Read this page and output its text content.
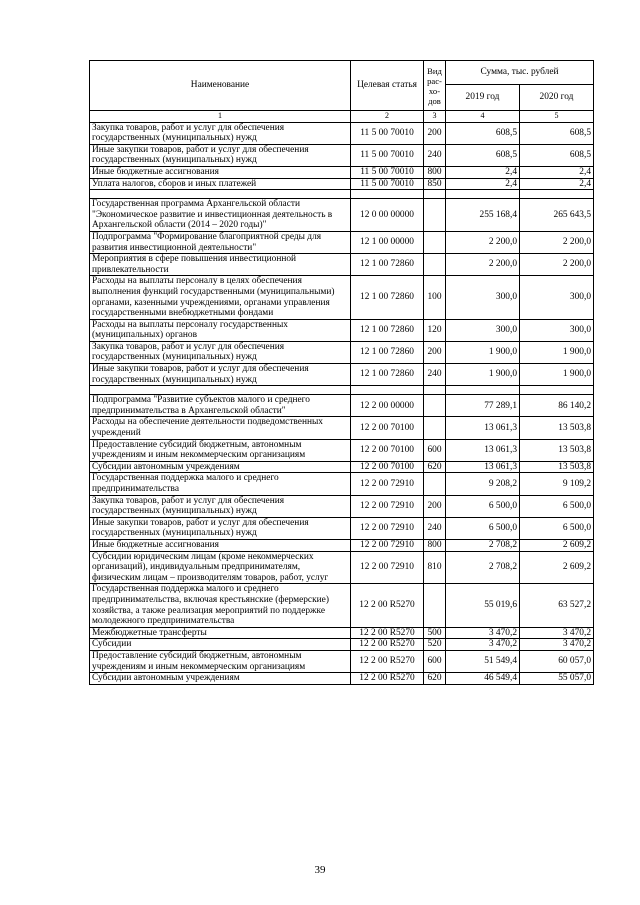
Наименование	Целевая статья	Вид рас-хо-дов	Сумма, тыс. рублей	
			2019 год	2020 год
1	2	3	4	5
Закупка товаров, работ и услуг для обеспечения государственных (муниципальных) нужд	11 5 00 70010	200	608,5	608,5
Иные закупки товаров, работ и услуг для обеспечения государственных (муниципальных) нужд	11 5 00 70010	240	608,5	608,5
Иные бюджетные ассигнования	11 5 00 70010	800	2,4	2,4
Уплата налогов, сборов и иных платежей	11 5 00 70010	850	2,4	2,4

Государственная программа Архангельской области "Экономическое развитие и инвестиционная деятельность в Архангельской области (2014 – 2020 годы)"	12 0 00 00000		255 168,4	265 643,5
Подпрограмма "Формирование благоприятной среды для развития инвестиционной деятельности"	12 1 00 00000		2 200,0	2 200,0
Мероприятия в сфере повышения инвестиционной привлекательности	12 1 00 72860		2 200,0	2 200,0
Расходы на выплаты персоналу в целях обеспечения выполнения функций государственными (муниципальными) органами, казенными учреждениями, органами управления государственными внебюджетными фондами	12 1 00 72860	100	300,0	300,0
Расходы на выплаты персоналу государственных (муниципальных) органов	12 1 00 72860	120	300,0	300,0
Закупка товаров, работ и услуг для обеспечения государственных (муниципальных) нужд	12 1 00 72860	200	1 900,0	1 900,0
Иные закупки товаров, работ и услуг для обеспечения государственных (муниципальных) нужд	12 1 00 72860	240	1 900,0	1 900,0

Подпрограмма "Развитие субъектов малого и среднего предпринимательства в Архангельской области"	12 2 00 00000		77 289,1	86 140,2
Расходы на обеспечение деятельности подведомственных учреждений	12 2 00 70100		13 061,3	13 503,8
Предоставление субсидий бюджетным, автономным учреждениям и иным некоммерческим организациям	12 2 00 70100	600	13 061,3	13 503,8
Субсидии автономным учреждениям	12 2 00 70100	620	13 061,3	13 503,8
Государственная поддержка малого и среднего предпринимательства	12 2 00 72910		9 208,2	9 109,2
Закупка товаров, работ и услуг для обеспечения государственных (муниципальных) нужд	12 2 00 72910	200	6 500,0	6 500,0
Иные закупки товаров, работ и услуг для обеспечения государственных (муниципальных) нужд	12 2 00 72910	240	6 500,0	6 500,0
Иные бюджетные ассигнования	12 2 00 72910	800	2 708,2	2 609,2
Субсидии юридическим лицам (кроме некоммерческих организаций), индивидуальным предпринимателям, физическим лицам – производителям товаров, работ, услуг	12 2 00 72910	810	2 708,2	2 609,2
Государственная поддержка малого и среднего предпринимательства, включая крестьянские (фермерские) хозяйства, а также реализация мероприятий по поддержке молодежного предпринимательства	12 2 00 R5270		55 019,6	63 527,2
Межбюджетные трансферты	12 2 00 R5270	500	3 470,2	3 470,2
Субсидии	12 2 00 R5270	520	3 470,2	3 470,2
Предоставление субсидий бюджетным, автономным учреждениям и иным некоммерческим организациям	12 2 00 R5270	600	51 549,4	60 057,0
Субсидии автономным учреждениям	12 2 00 R5270	620	46 549,4	55 057,0
39
